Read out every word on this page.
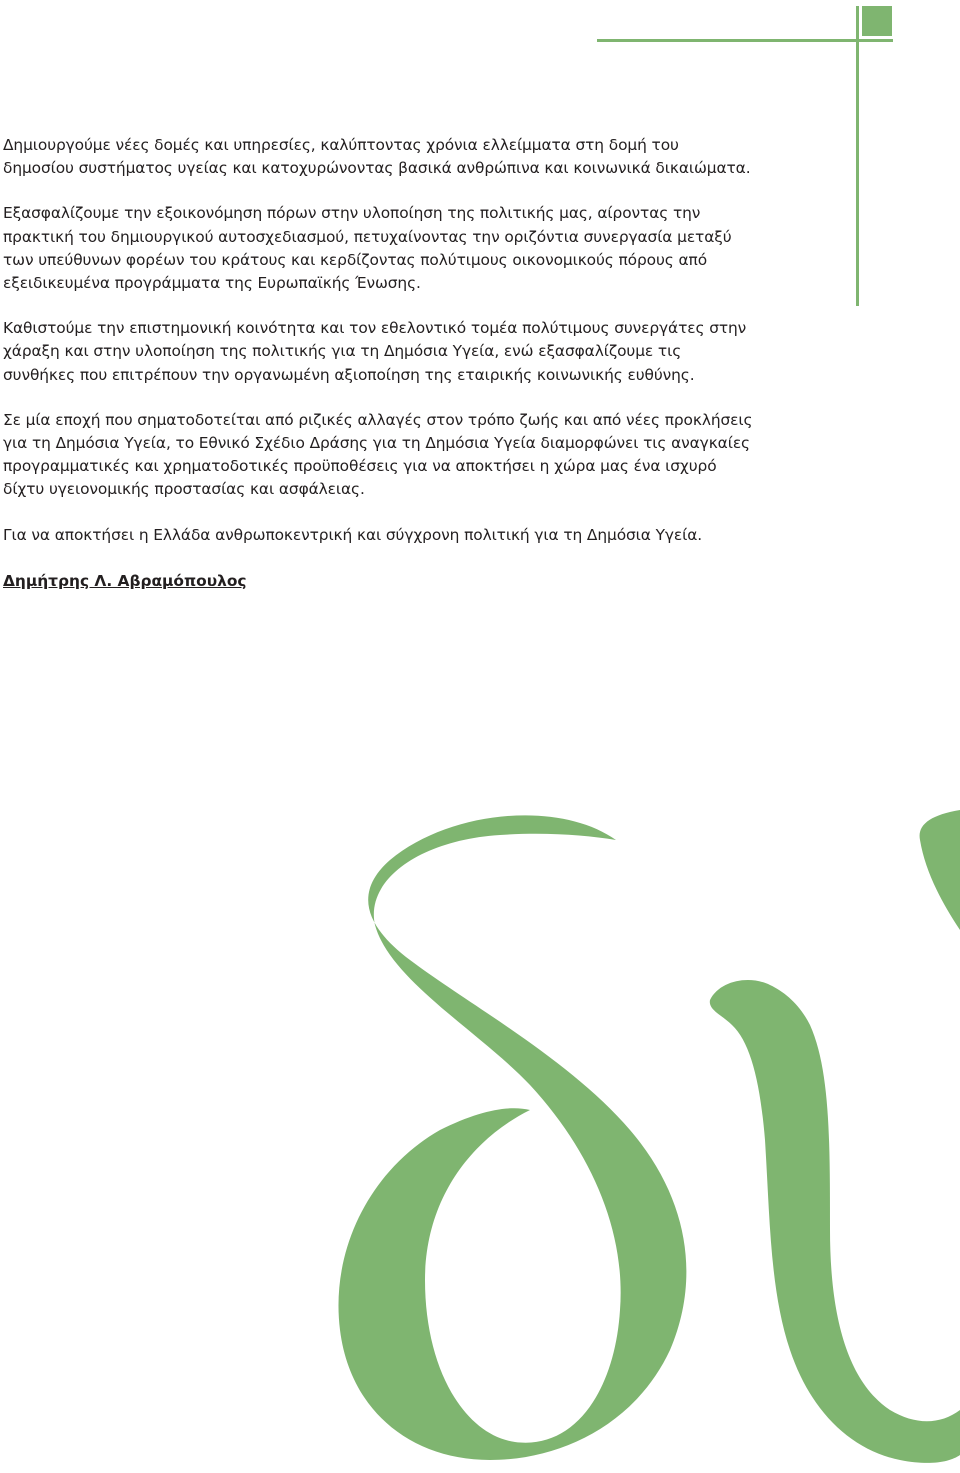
Δημιουργούμε νέες δομές και υπηρεσίες, καλύπτοντας χρόνια ελλείμματα στη δομή του δημοσίου συστήματος υγείας και κατοχυρώνοντας βασικά ανθρώπινα και κοινωνικά δικαιώματα.

Εξασφαλίζουμε την εξοικονόμηση πόρων στην υλοποίηση της πολιτικής μας, αίροντας την πρακτική του δημιουργικού αυτοσχεδιασμού, πετυχαίνοντας την οριζόντια συνεργασία μεταξύ των υπεύθυνων φορέων του κράτους και κερδίζοντας πολύτιμους οικονομικούς πόρους από εξειδικευμένα προγράμματα της Ευρωπαϊκής Ένωσης.

Καθιστούμε την επιστημονική κοινότητα και τον εθελοντικό τομέα πολύτιμους συνεργάτες στην χάραξη και στην υλοποίηση της πολιτικής για τη Δημόσια Υγεία, ενώ εξασφαλίζουμε τις συνθήκες που επιτρέπουν την οργανωμένη αξιοποίηση της εταιρικής κοινωνικής ευθύνης.

Σε μία εποχή που σηματοδοτείται από ριζικές αλλαγές στον τρόπο ζωής και από νέες προκλήσεις για τη Δημόσια Υγεία, το Εθνικό Σχέδιο Δράσης για τη Δημόσια Υγεία διαμορφώνει τις αναγκαίες προγραμματικές και χρηματοδοτικές προϋποθέσεις για να αποκτήσει η χώρα μας ένα ισχυρό δίχτυ υγειονομικής προστασίας και ασφάλειας.

Για να αποκτήσει η Ελλάδα ανθρωποκεντρική και σύγχρονη πολιτική για τη Δημόσια Υγεία.

Δημήτρης Λ. Αβραμόπουλος
